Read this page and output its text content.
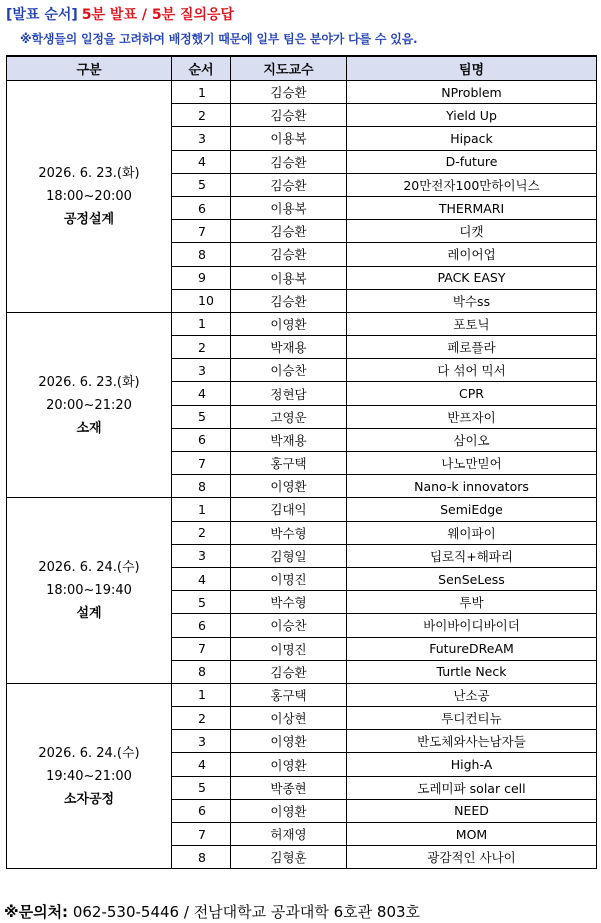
[발표 순서] 5분 발표 / 5분 질의응답
※학생들의 일정을 고려하여 배정했기 때문에 일부 팀은 분야가 다를 수 있음.
구분	순서	지도교수	팀명

2026. 6. 23.(화)
18:00~20:00
공정설계	1	김승환	NProblem
	2	김승환	Yield Up
	3	이용복	Hipack
	4	김승환	D-future
	5	김승환	20만전자100만하이닉스
	6	이용복	THERMARI
	7	김승환	디캣
	8	김승환	레이어업
	9	이용복	PACK EASY
	10	김승환	박수ss

2026. 6. 23.(화)
20:00~21:20
소재	1	이영환	포토닉
	2	박재용	페로플라
	3	이승찬	다 섞어 믹서
	4	정현담	CPR
	5	고영운	반프자이
	6	박재용	삼이오
	7	홍구택	나노만믿어
	8	이영환	Nano-k innovators

2026. 6. 24.(수)
18:00~19:40
설계	1	김대익	SemiEdge
	2	박수형	웨이파이
	3	김형일	딥로직+해파리
	4	이명진	SenSeLess
	5	박수형	투박
	6	이승찬	바이바이디바이더
	7	이명진	FutureDReAM
	8	김승환	Turtle Neck

2026. 6. 24.(수)
19:40~21:00
소자공정	1	홍구택	난소공
	2	이상현	투디컨티뉴
	3	이영환	반도체와사는남자들
	4	이영환	High-A
	5	박종현	도레미파 solar cell
	6	이영환	NEED
	7	허재영	MOM
	8	김형훈	광감적인 사나이
※문의처: 062-530-5446 / 전남대학교 공과대학 6호관 803호
